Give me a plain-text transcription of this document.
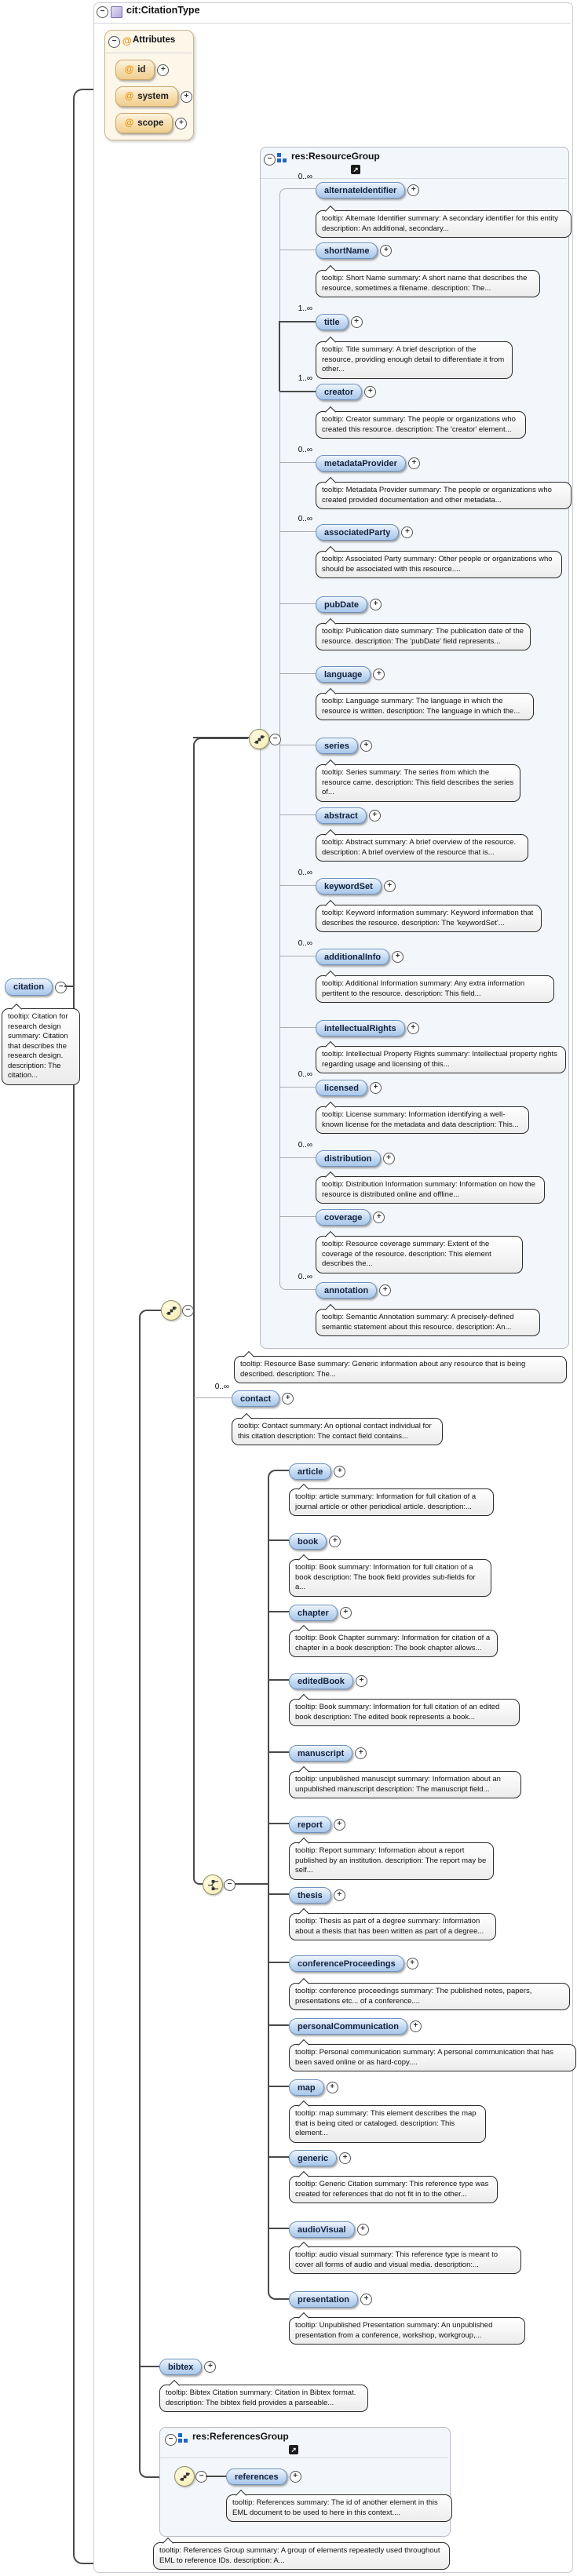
−	cit:CitationType
− @ Attributes
@ id	+
@ system	+
@ scope	+
citation	−
tooltip: Citation for research design summary: Citation that describes the research design. description: The citation...
−	res:ResourceGroup
↗
−
tooltip: Resource Base summary: Generic information about any resource that is being described. description: The...
−
0..∞
contact	+
tooltip: Contact summary: An optional contact individual for this citation description: The contact field contains...
−
bibtex	+
tooltip: Bibtex Citation summary: Citation in Bibtex format. description: The bibtex field provides a parseable...
−	res:ReferencesGroup
↗
−	references	+
tooltip: References summary: The id of another element in this EML document to be used to here in this context....
tooltip: References Group summary: A group of elements repeatedly used throughout EML to reference IDs. description: A...
0..∞
alternateIdentifier	+
tooltip: Alternate Identifier summary: A secondary identifier for this entity description: An additional, secondary...
shortName	+
tooltip: Short Name summary: A short name that describes the resource, sometimes a filename. description: The...
1..∞
title	+
tooltip: Title summary: A brief description of the resource, providing enough detail to differentiate it from other...
1..∞
creator	+
tooltip: Creator summary: The people or organizations who created this resource. description: The 'creator' element...
0..∞
metadataProvider	+
tooltip: Metadata Provider summary: The people or organizations who created provided documentation and other metadata...
0..∞
associatedParty	+
tooltip: Associated Party summary: Other people or organizations who should be associated with this resource....
pubDate	+
tooltip: Publication date summary: The publication date of the resource. description: The 'pubDate' field represents...
language	+
tooltip: Language summary: The language in which the resource is written. description: The language in which the...
series	+
tooltip: Series summary: The series from which the resource came. description: This field describes the series of...
abstract	+
tooltip: Abstract summary: A brief overview of the resource. description: A brief overview of the resource that is...
0..∞
keywordSet	+
tooltip: Keyword information summary: Keyword information that describes the resource. description: The 'keywordSet'...
0..∞
additionalInfo	+
tooltip: Additional Information summary: Any extra information pertitent to the resource. description: This field...
intellectualRights	+
tooltip: Intellectual Property Rights summary: Intellectual property rights regarding usage and licensing of this...
0..∞
licensed	+
tooltip: License summary: Information identifying a well-known license for the metadata and data description: This...
0..∞
distribution	+
tooltip: Distribution Information summary: Information on how the resource is distributed online and offline...
coverage	+
tooltip: Resource coverage summary: Extent of the coverage of the resource. description: This element describes the...
0..∞
annotation	+
tooltip: Semantic Annotation summary: A precisely-defined semantic statement about this resource. description: An...
article	+
tooltip: article summary: Information for full citation of a journal article or other periodical article. description:...
book	+
tooltip: Book summary: Information for full citation of a book description: The book field provides sub-fields for a...
chapter	+
tooltip: Book Chapter summary: Information for citation of a chapter in a book description: The book chapter allows...
editedBook	+
tooltip: Book summary: Information for full citation of an edited book description: The edited book represents a book...
manuscript	+
tooltip: unpublished manuscipt summary: Information about an unpublished manuscript description: The manuscript field...
report	+
tooltip: Report summary: Information about a report published by an institution. description: The report may be self...
thesis	+
tooltip: Thesis as part of a degree summary: Information about a thesis that has been written as part of a degree...
conferenceProceedings	+
tooltip: conference proceedings summary: The published notes, papers, presentations etc... of a conference....
personalCommunication	+
tooltip: Personal communication summary: A personal communication that has been saved online or as hard-copy....
map	+
tooltip: map summary: This element describes the map that is being cited or cataloged. description: This element...
generic	+
tooltip: Generic Citation summary: This reference type was created for references that do not fit in to the other...
audioVisual	+
tooltip: audio visual summary: This reference type is meant to cover all forms of audio and visual media. description:...
presentation	+
tooltip: Unpublished Presentation summary: An unpublished presentation from a conference, workshop, workgroup,...
